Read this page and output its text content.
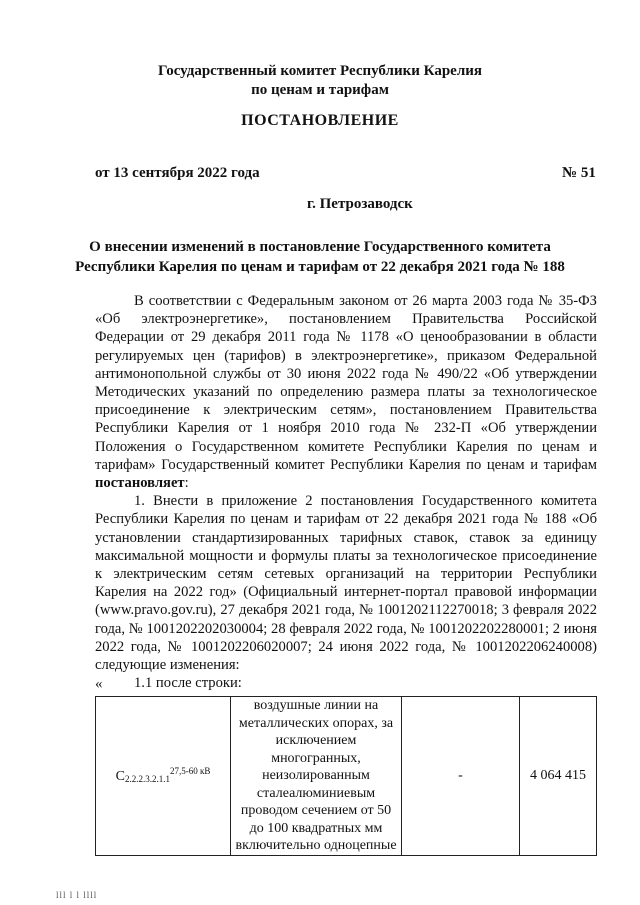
Государственный комитет Республики Карелия
по ценам и тарифам
ПОСТАНОВЛЕНИЕ
от 13 сентября 2022 года	№ 51
г. Петрозаводск
О внесении изменений в постановление Государственного комитета
Республики Карелия по ценам и тарифам от 22 декабря 2021 года № 188

В соответствии с Федеральным законом от 26 марта 2003 года № 35-ФЗ «Об электроэнергетике», постановлением Правительства Российской Федерации от 29 декабря 2011 года № 1178 «О ценообразовании в области регулируемых цен (тарифов) в электроэнергетике», приказом Федеральной антимонопольной службы от 30 июня 2022 года № 490/22 «Об утверждении Методических указаний по определению размера платы за технологическое присоединение к электрическим сетям», постановлением Правительства Республики Карелия от 1 ноября 2010 года № 232-П «Об утверждении Положения о Государственном комитете Республики Карелия по ценам и тарифам» Государственный комитет Республики Карелия по ценам и тарифам постановляет:

1. Внести в приложение 2 постановления Государственного комитета Республики Карелия по ценам и тарифам от 22 декабря 2021 года № 188 «Об установлении стандартизированных тарифных ставок, ставок за единицу максимальной мощности и формулы платы за технологическое присоединение к электрическим сетям сетевых организаций на территории Республики Карелия на 2022 год» (Официальный интернет-портал правовой информации (www.pravo.gov.ru), 27 декабря 2021 года, № 1001202112270018; 3 февраля 2022 года, № 1001202202030004; 28 февраля 2022 года, № 1001202202280001; 2 июня 2022 года, № 1001202206020007; 24 июня 2022 года, № 1001202206240008) следующие изменения:

1.1 после строки:

«
$С_{2.2.2.3.2.1.1}^{27,5-60 кВ}$	воздушные линии на металлических опорах, за исключением многогранных, неизолированным сталеалюминиевым проводом сечением от 50 до 100 квадратных мм включительно одноцепные	-	4 064 415
lll l l llll
